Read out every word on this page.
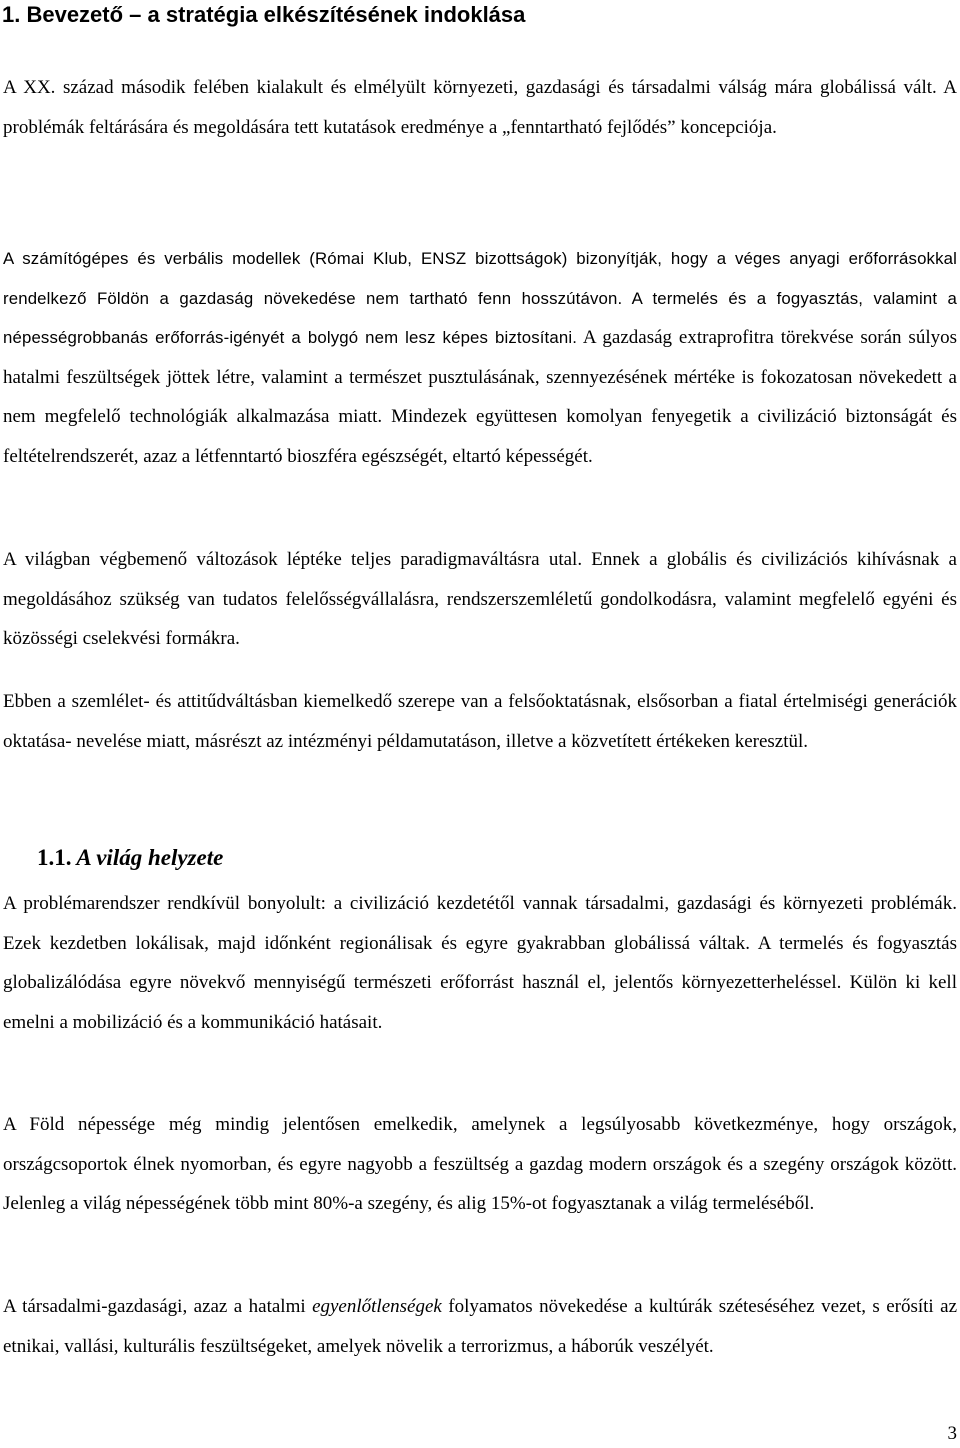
1. Bevezető – a stratégia elkészítésének indoklása

A XX. század második felében kialakult és elmélyült környezeti, gazdasági és társadalmi válság mára globálissá vált. A problémák feltárására és megoldására tett kutatások eredménye a „fenntartható fejlődés” koncepciója.

A számítógépes és verbális modellek (Római Klub, ENSZ bizottságok) bizonyítják, hogy a véges anyagi erőforrásokkal rendelkező Földön a gazdaság növekedése nem tartható fenn hosszútávon. A termelés és a fogyasztás, valamint a népességrobbanás erőforrás-igényét a bolygó nem lesz képes biztosítani. A gazdaság extraprofitra törekvése során súlyos hatalmi feszültségek jöttek létre, valamint a természet pusztulásának, szennyezésének mértéke is fokozatosan növekedett a nem megfelelő technológiák alkalmazása miatt. Mindezek együttesen komolyan fenyegetik a civilizáció biztonságát és feltételrendszerét, azaz a létfenntartó bioszféra egészségét, eltartó képességét.

A világban végbemenő változások léptéke teljes paradigmaváltásra utal. Ennek a globális és civilizációs kihívásnak a megoldásához szükség van tudatos felelősségvállalásra, rendszerszemléletű gondolkodásra, valamint megfelelő egyéni és közösségi cselekvési formákra.

Ebben a szemlélet- és attitűdváltásban kiemelkedő szerepe van a felsőoktatásnak, elsősorban a fiatal értelmiségi generációk oktatása- nevelése miatt, másrészt az intézményi példamutatáson, illetve a közvetített értékeken keresztül.

1.1. A világ helyzete

A problémarendszer rendkívül bonyolult: a civilizáció kezdetétől vannak társadalmi, gazdasági és környezeti problémák. Ezek kezdetben lokálisak, majd időnként regionálisak és egyre gyakrabban globálissá váltak. A termelés és fogyasztás globalizálódása egyre növekvő mennyiségű természeti erőforrást használ el, jelentős környezetterheléssel. Külön ki kell emelni a mobilizáció és a kommunikáció hatásait.

A Föld népessége még mindig jelentősen emelkedik, amelynek a legsúlyosabb következménye, hogy országok, országcsoportok élnek nyomorban, és egyre nagyobb a feszültség a gazdag modern országok és a szegény országok között. Jelenleg a világ népességének több mint 80%-a szegény, és alig 15%-ot fogyasztanak a világ termeléséből.

A társadalmi-gazdasági, azaz a hatalmi egyenlőtlenségek folyamatos növekedése a kultúrák széteséséhez vezet, s erősíti az etnikai, vallási, kulturális feszültségeket, amelyek növelik a terrorizmus, a háborúk veszélyét.

3
